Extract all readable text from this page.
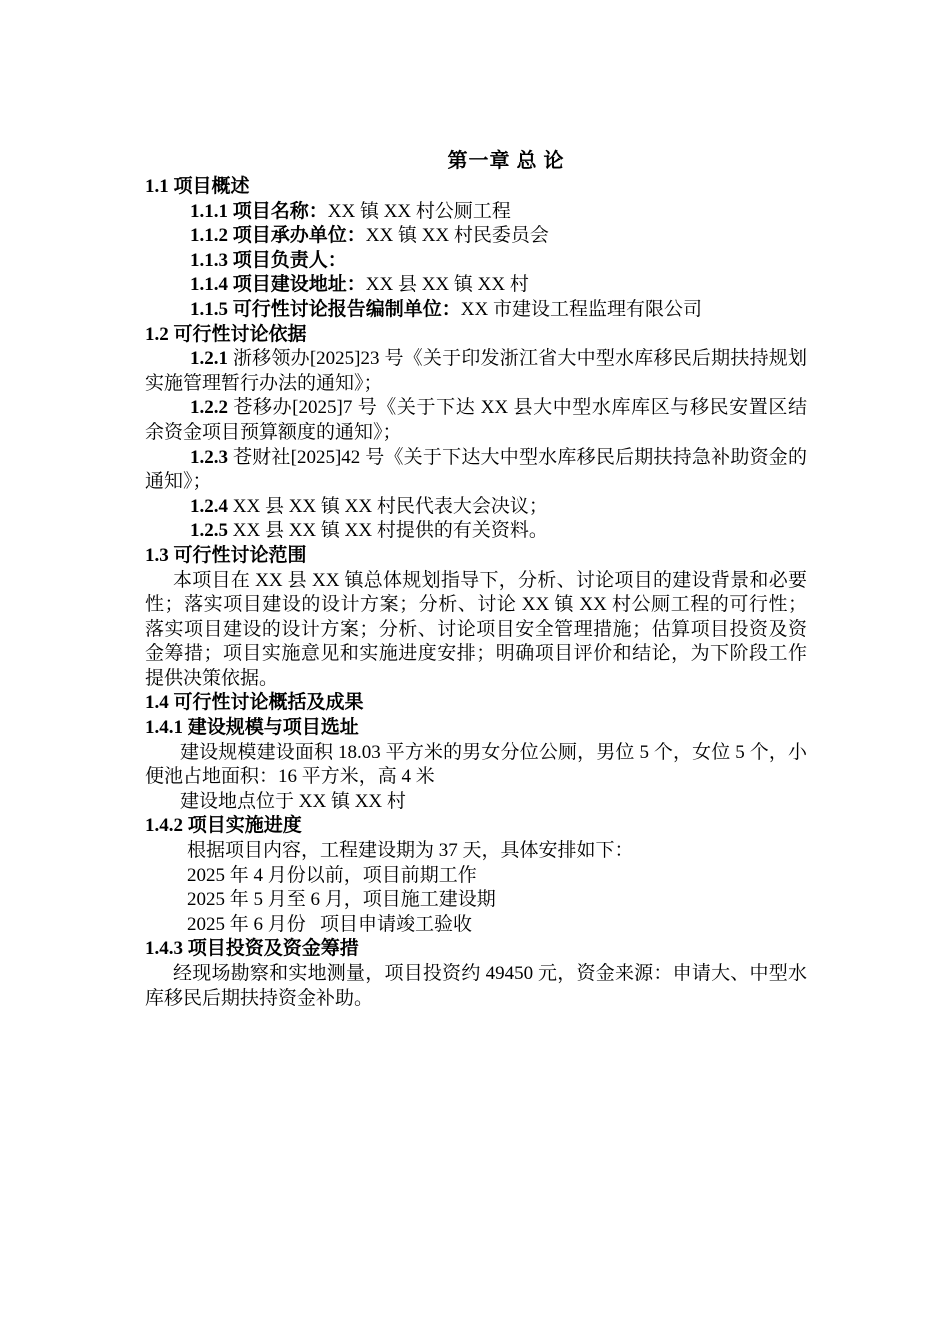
第一章 总 论
1.1 项目概述
1.1.1 项目名称：XX 镇 XX 村公厕工程
1.1.2 项目承办单位：XX 镇 XX 村民委员会
1.1.3 项目负责人：
1.1.4 项目建设地址：XX 县 XX 镇 XX 村
1.1.5 可行性讨论报告编制单位：XX 市建设工程监理有限公司
1.2 可行性讨论依据
1.2.1 浙移领办[2025]23 号《关于印发浙江省大中型水库移民后期扶持规划实施管理暂行办法的通知》；
1.2.2 苍移办[2025]7 号《关于下达 XX 县大中型水库库区与移民安置区结余资金项目预算额度的通知》；
1.2.3 苍财社[2025]42 号《关于下达大中型水库移民后期扶持急补助资金的通知》；
1.2.4 XX 县 XX 镇 XX 村民代表大会决议；
1.2.5 XX 县 XX 镇 XX 村提供的有关资料。
1.3 可行性讨论范围
本项目在 XX 县 XX 镇总体规划指导下，分析、讨论项目的建设背景和必要性；落实项目建设的设计方案；分析、讨论 XX 镇 XX 村公厕工程的可行性；落实项目建设的设计方案；分析、讨论项目安全管理措施；估算项目投资及资金筹措；项目实施意见和实施进度安排；明确项目评价和结论，为下阶段工作提供决策依据。
1.4 可行性讨论概括及成果
1.4.1 建设规模与项目选址
建设规模建设面积 18.03 平方米的男女分位公厕，男位 5 个，女位 5 个，小便池占地面积：16 平方米，高 4 米
建设地点位于 XX 镇 XX 村
1.4.2 项目实施进度
根据项目内容，工程建设期为 37 天，具体安排如下：
2025 年 4 月份以前，项目前期工作
2025 年 5 月至 6 月，项目施工建设期
2025 年 6 月份   项目申请竣工验收
1.4.3 项目投资及资金筹措
经现场勘察和实地测量，项目投资约 49450 元，资金来源：申请大、中型水库移民后期扶持资金补助。
